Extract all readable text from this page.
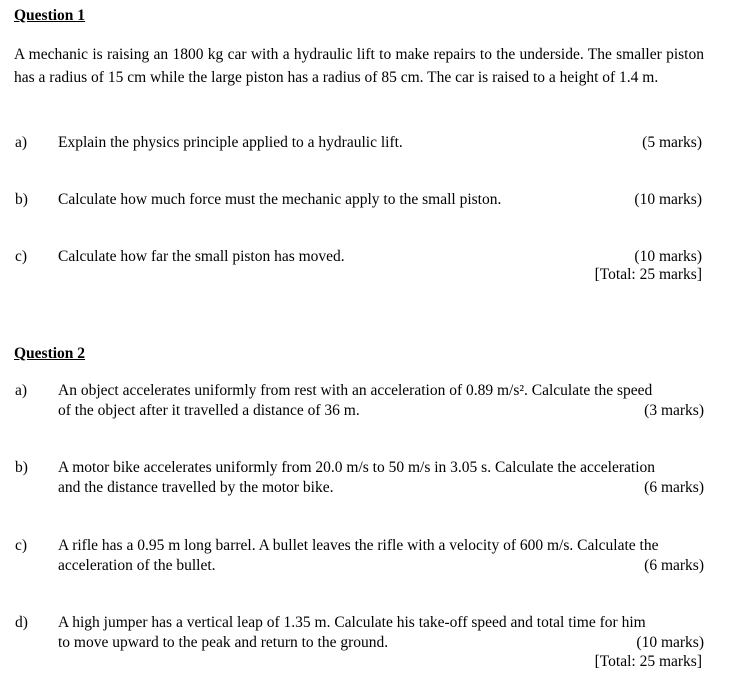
Question 1
A mechanic is raising an 1800 kg car with a hydraulic lift to make repairs to the underside. The smaller piston has a radius of 15 cm while the large piston has a radius of 85 cm. The car is raised to a height of 1.4 m.
a) Explain the physics principle applied to a hydraulic lift.	(5 marks)
b) Calculate how much force must the mechanic apply to the small piston.	(10 marks)
c) Calculate how far the small piston has moved.	(10 marks)
[Total: 25 marks]
Question 2
a) An object accelerates uniformly from rest with an acceleration of 0.89 m/s². Calculate the speed
of the object after it travelled a distance of 36 m.	(3 marks)
b) A motor bike accelerates uniformly from 20.0 m/s to 50 m/s in 3.05 s. Calculate the acceleration
and the distance travelled by the motor bike.	(6 marks)
c) A rifle has a 0.95 m long barrel. A bullet leaves the rifle with a velocity of 600 m/s. Calculate the
acceleration of the bullet.	(6 marks)
d) A high jumper has a vertical leap of 1.35 m. Calculate his take-off speed and total time for him
to move upward to the peak and return to the ground.	(10 marks)
[Total: 25 marks]
